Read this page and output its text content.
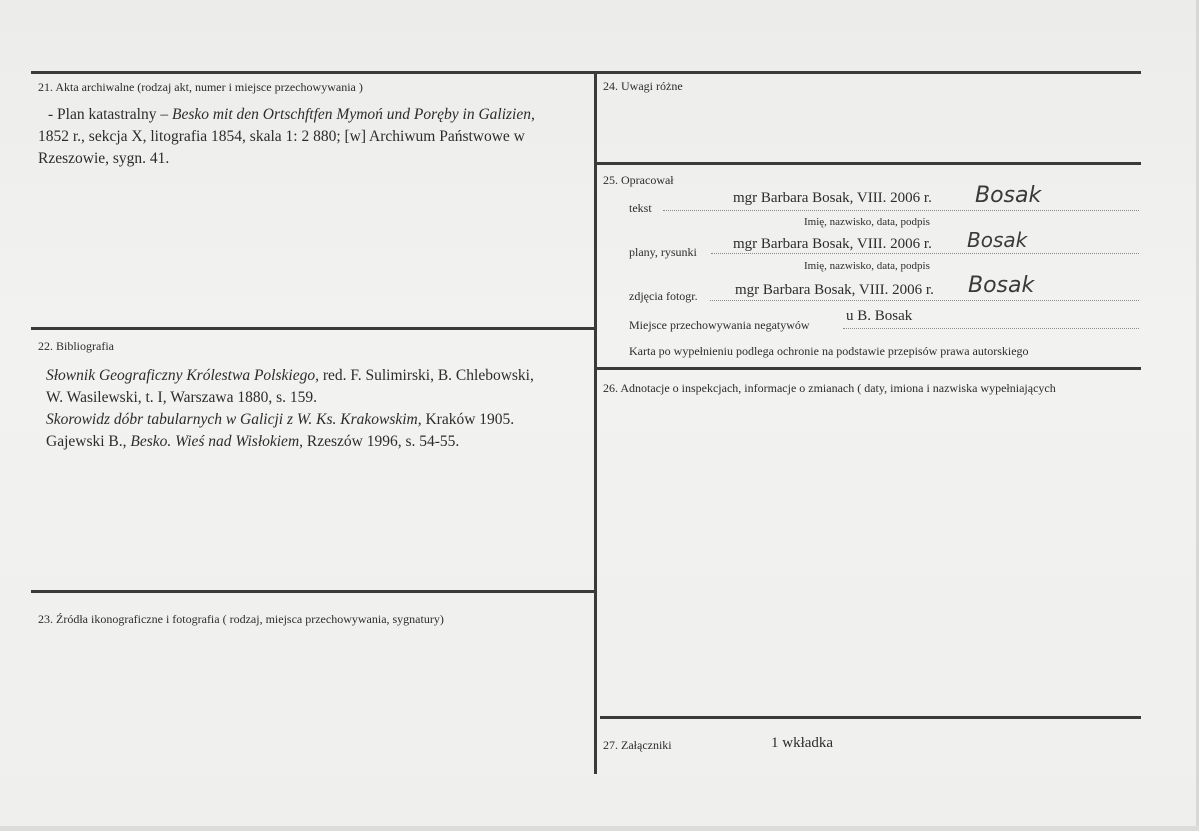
21. Akta archiwalne (rodzaj akt, numer i miejsce przechowywania )
- Plan katastralny – Besko mit den Ortschftfen Mymoń und Poręby in Galizien,
1852 r., sekcja X, litografia 1854, skala 1: 2 880; [w] Archiwum Państwowe w
Rzeszowie, sygn. 41.
22. Bibliografia
Słownik Geograficzny Królestwa Polskiego, red. F. Sulimirski, B. Chlebowski,
W. Wasilewski, t. I, Warszawa 1880, s. 159.
Skorowidz dóbr tabularnych w Galicji z W. Ks. Krakowskim, Kraków 1905.
Gajewski B., Besko. Wieś nad Wisłokiem, Rzeszów 1996, s. 54-55.
23. Źródła ikonograficzne i fotografia ( rodzaj, miejsca przechowywania, sygnatury)
24. Uwagi różne
25. Opracował
tekst
mgr Barbara Bosak, VIII. 2006 r. Bosak
Imię, nazwisko, data, podpis
plany, rysunki mgr Barbara Bosak, VIII. 2006 r. Bosak
Imię, nazwisko, data, podpis
zdjęcia fotogr. mgr Barbara Bosak, VIII. 2006 r. Bosak
Miejsce przechowywania negatywów
u B. Bosak
Karta po wypełnieniu podlega ochronie na podstawie przepisów prawa autorskiego
26. Adnotacje o inspekcjach, informacje o zmianach ( daty, imiona i nazwiska wypełniających
27. Załączniki	1 wkładka
